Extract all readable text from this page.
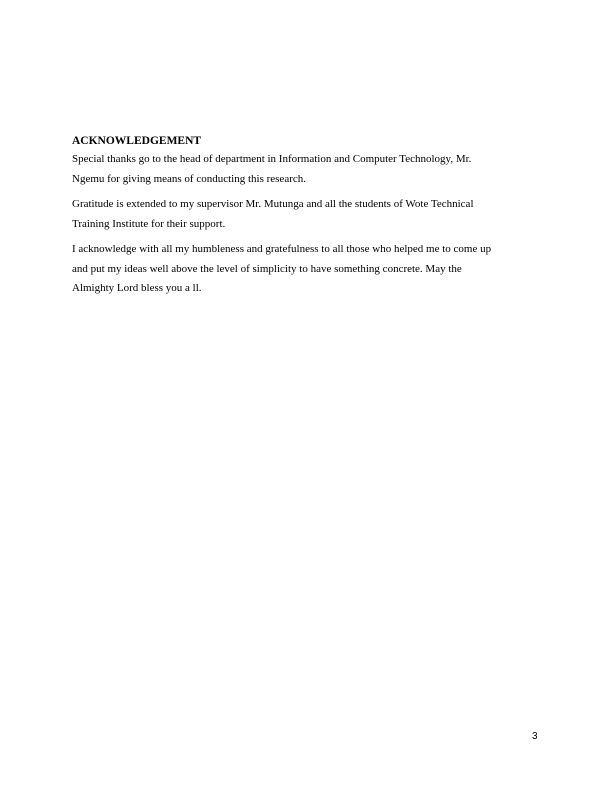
ACKNOWLEDGEMENT

Special thanks go to the head of department in Information and Computer Technology, Mr.
Ngemu for giving means of conducting this research.

Gratitude is extended to my supervisor Mr. Mutunga and all the students of Wote Technical
Training Institute for their support.

I acknowledge with all my humbleness and gratefulness to all those who helped me to come up
and put my ideas well above the level of simplicity to have something concrete. May the
Almighty Lord bless you a ll.

3
